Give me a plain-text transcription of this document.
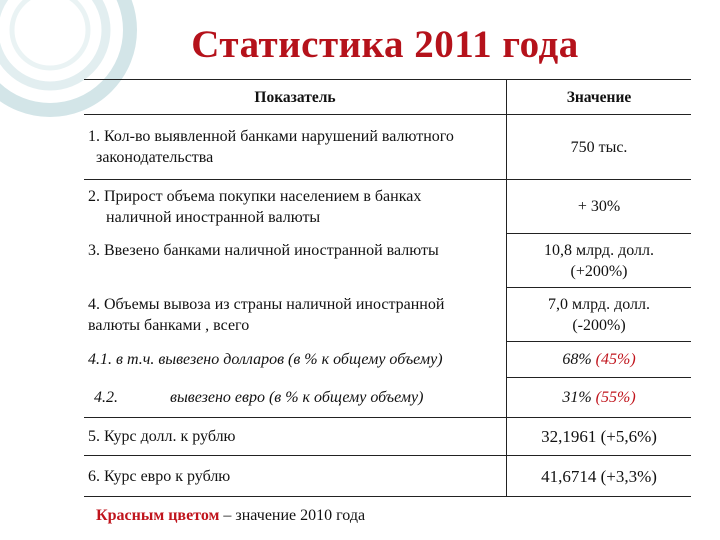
Статистика 2011 года
Показатель	Значение
1. Кол-во выявленной банками нарушений валютного
законодательства	750 тыс.
2. Прирост объема покупки населением в банках
наличной иностранной валюты	+ 30%
3. Ввезено банками наличной иностранной валюты	10,8 млрд. долл.
(+200%)
4. Объемы вывоза из страны наличной иностранной
валюты банками , всего	7,0 млрд. долл.
(-200%)
4.1. в т.ч. вывезено долларов (в % к общему объему)	68% (45%)
4.2. вывезено евро (в % к общему объему)	31% (55%)
5. Курс долл. к рублю	32,1961 (+5,6%)
6. Курс евро к рублю	41,6714 (+3,3%)
Красным цветом – значение 2010 года
